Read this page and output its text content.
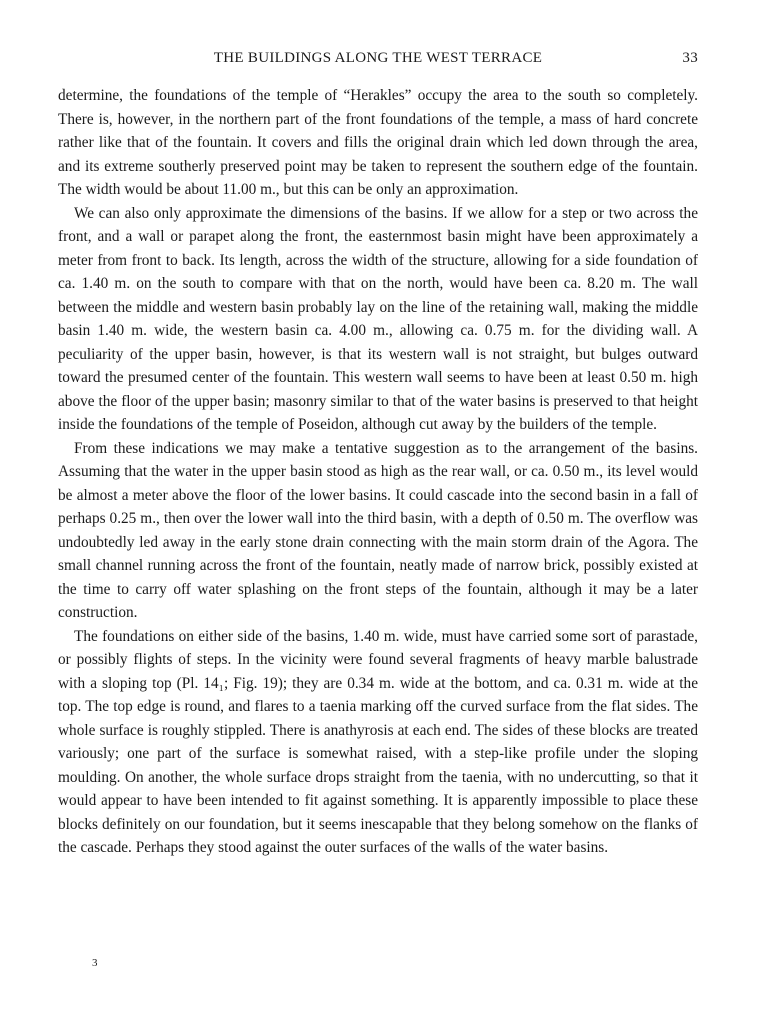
THE BUILDINGS ALONG THE WEST TERRACE	33

determine, the foundations of the temple of “Herakles” occupy the area to the south so completely. There is, however, in the northern part of the front foundations of the temple, a mass of hard concrete rather like that of the fountain. It covers and fills the original drain which led down through the area, and its extreme southerly preserved point may be taken to represent the southern edge of the fountain. The width would be about 11.00 m., but this can be only an approximation.

We can also only approximate the dimensions of the basins. If we allow for a step or two across the front, and a wall or parapet along the front, the easternmost basin might have been approximately a meter from front to back. Its length, across the width of the structure, allowing for a side foundation of ca. 1.40 m. on the south to compare with that on the north, would have been ca. 8.20 m. The wall between the middle and western basin probably lay on the line of the retaining wall, making the middle basin 1.40 m. wide, the western basin ca. 4.00 m., allowing ca. 0.75 m. for the dividing wall. A peculiarity of the upper basin, however, is that its western wall is not straight, but bulges outward toward the presumed center of the fountain. This western wall seems to have been at least 0.50 m. high above the floor of the upper basin; masonry similar to that of the water basins is preserved to that height inside the foundations of the temple of Poseidon, although cut away by the builders of the temple.

From these indications we may make a tentative suggestion as to the arrangement of the basins. Assuming that the water in the upper basin stood as high as the rear wall, or ca. 0.50 m., its level would be almost a meter above the floor of the lower basins. It could cascade into the second basin in a fall of perhaps 0.25 m., then over the lower wall into the third basin, with a depth of 0.50 m. The overflow was undoubtedly led away in the early stone drain connecting with the main storm drain of the Agora. The small channel running across the front of the fountain, neatly made of narrow brick, possibly existed at the time to carry off water splashing on the front steps of the fountain, although it may be a later construction.

The foundations on either side of the basins, 1.40 m. wide, must have carried some sort of parastade, or possibly flights of steps. In the vicinity were found several fragments of heavy marble balustrade with a sloping top (Pl. 14₁; Fig. 19); they are 0.34 m. wide at the bottom, and ca. 0.31 m. wide at the top. The top edge is round, and flares to a taenia marking off the curved surface from the flat sides. The whole surface is roughly stippled. There is anathyrosis at each end. The sides of these blocks are treated variously; one part of the surface is somewhat raised, with a step-like profile under the sloping moulding. On another, the whole surface drops straight from the taenia, with no undercutting, so that it would appear to have been intended to fit against something. It is apparently impossible to place these blocks definitely on our foundation, but it seems inescapable that they belong somehow on the flanks of the cascade. Perhaps they stood against the outer surfaces of the walls of the water basins.

3
